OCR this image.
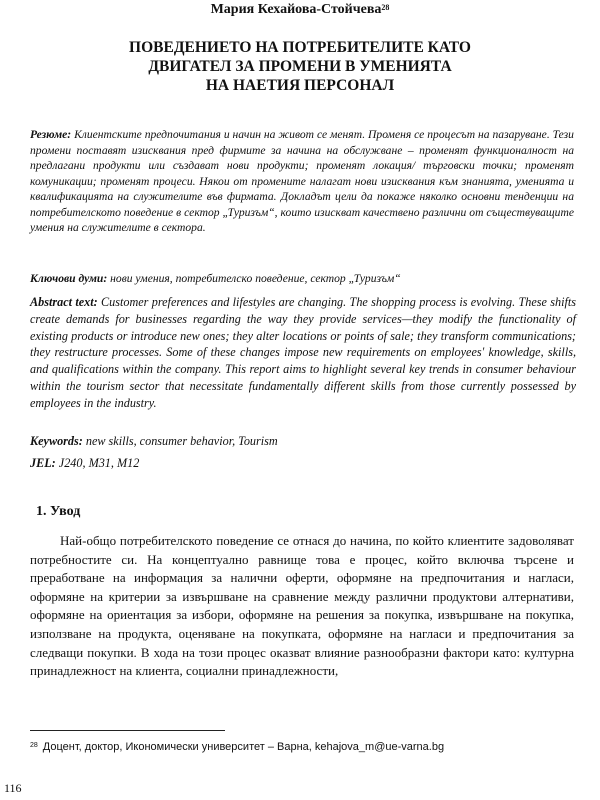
Мария Кехайова-Стойчева$^{28}$
ПОВЕДЕНИЕТО НА ПОТРЕБИТЕЛИТЕ КАТО
ДВИГАТЕЛ ЗА ПРОМЕНИ В УМЕНИЯТА
НА НАЕТИЯ ПЕРСОНАЛ
Резюме: Клиентските предпочитания и начин на живот се менят. Променя се процесът на пазаруване. Тези промени поставят изисквания пред фирмите за начина на обслужване – променят функционалност на предлагани продукти или създават нови продукти; променят локация/ търговски точки; променят комуникации; променят процеси. Някои от промените налагат нови изисквания към знанията, уменията и квалификацията на служителите във фирмата. Докладът цели да покаже няколко основни тенденции на потребителското поведение в сектор „Туризъм“, които изискват качествено различни от съществуващите умения на служителите в сектора.
Ключови думи: нови умения, потребителско поведение, сектор „Туризъм“
Abstract text: Customer preferences and lifestyles are changing. The shopping process is evolving. These shifts create demands for businesses regarding the way they provide services—they modify the functionality of existing products or introduce new ones; they alter locations or points of sale; they transform communications; they restructure processes. Some of these changes impose new requirements on employees' knowledge, skills, and qualifications within the company. This report aims to highlight several key trends in consumer behaviour within the tourism sector that necessitate fundamentally different skills from those currently possessed by employees in the industry.
Keywords: new skills, consumer behavior, Tourism
JEL: J240, M31, M12
1. Увод
Най-общо потребителското поведение се отнася до начина, по който клиентите задоволяват потребностите си. На концептуално равнище това е процес, който включва търсене и преработване на информация за налични оферти, оформяне на предпочитания и нагласи, оформяне на критерии за извършване на сравнение между различни продуктови алтернативи, оформяне на ориентация за избори, оформяне на решения за покупка, извършване на покупка, използване на продукта, оценяване на покупката, оформяне на нагласи и предпочитания за следващи покупки. В хода на този процес оказват влияние разнообразни фактори като: културна принадлежност на клиента, социални принадлежности,
$^{28}$ Доцент, доктор, Икономически университет – Варна, kehajova_m@ue-varna.bg
116
